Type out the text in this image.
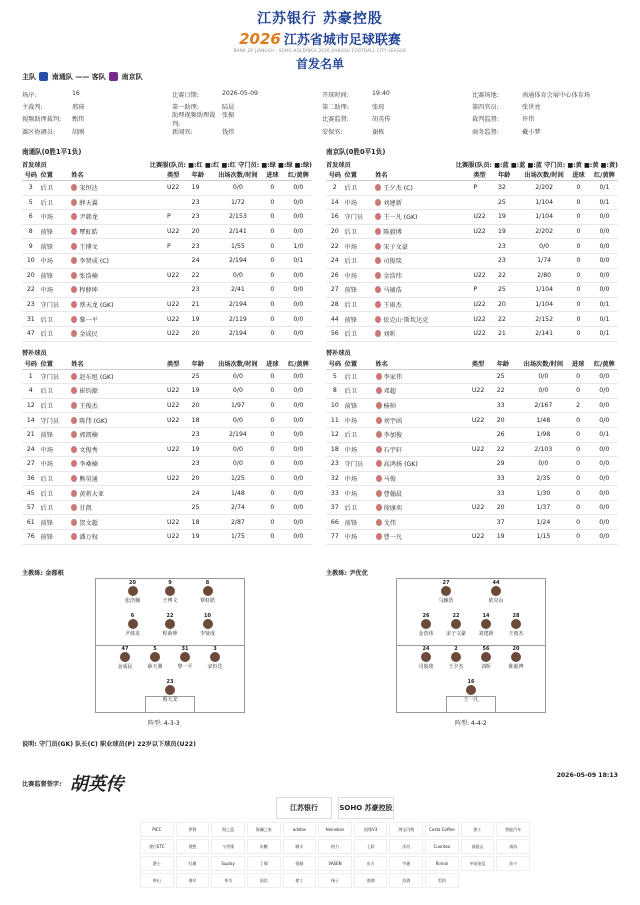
江苏银行 苏豪控股
2026 江苏省城市足球联赛
BANK OF JIANGSU · SOHO HOLDINGS 2026 JIANGSU FOOTBALL CITY LEAGUE
首发名单
主队 南通队 —— 客队 南京队
场序:	16	比赛日期:	2026-05-09	开球时间:	19:40	比赛场地:	南通体育会展中心体育场
主裁判:	邢琦	第一助理:	陆晨	第二助理:	张琼	第四官员:	张世亮
视频助理裁判:	甄伟
助理视频助理裁判:
张振
比赛监督:	胡英传	裁判监督:	许伟
赛区协调员:	胡刚	新闻官:	钱炜	安保官:	谢栋	商务监督:	戴小梦
南通队(0胜1平1负)
首发球员	比赛服(队员: ■:红 ■:红 ■:红 守门员: ■:绿 ■:绿 ■:绿)
号码	位置	姓名	类型	年龄	出场次数/时间	进球	红/黄牌
3	后卫	宋恒达	U22	19	0/0	0	0/0
5	后卫	薛天翼		23	1/72	0	0/0
6	中场	尹韩龙	P	23	2/153	0	0/0
8	前锋	覃虹皓	U22	20	2/141	0	0/0
9	前锋	王博文	P	23	1/55	0	1/0
10	中场	李贤成 (C)		24	2/194	0	0/1
20	前锋	张浩楠	U22	22	0/0	0	0/0
22	中场	程薛坤		23	2/41	0	0/0
23	守门员	蔡天龙 (GK)	U22	21	2/194	0	0/0
31	后卫	黎一平	U22	19	2/119	0	0/0
47	后卫	金成民	U22	20	2/194	0	0/0
替补球员
号码	位置	姓名	类型	年龄	出场次数/时间	进球	红/黄牌
1	守门员	赵东旭 (GK)		25	0/0	0	0/0
4	后卫	崔钧源	U22	19	0/0	0	0/0
12	后卫	王俊杰	U22	20	1/97	0	0/0
14	守门员	陈伟 (GK)	U22	18	0/0	0	0/0
21	前锋	郭凯楠		23	2/194	0	0/0
24	中场	文俊秀	U22	19	0/0	0	0/0
27	中场	李桑楠		23	0/0	0	0/0
36	后卫	熊昊通	U22	20	1/25	0	0/0
45	后卫	黄蒋大亚		24	1/48	0	0/0
57	后卫	甘凯		25	2/74	0	0/0
61	前锋	贺文超	U22	18	2/87	0	0/0
76	前锋	潘万权	U22	19	1/75	0	0/0
南京队(0胜0平1负)
首发球员	比赛服(队员: ■:蓝 ■:蓝 ■:蓝 守门员: ■:黄 ■:黄 ■:黄)
号码	位置	姓名	类型	年龄	出场次数/时间	进球	红/黄牌
2	后卫	王夕杰 (C)	P	32	2/202	0	0/1
14	中场	刘建新		25	1/104	0	0/1
16	守门员	王一凡 (GK)	U22	19	1/104	0	0/0
20	后卫	陈毅博	U22	19	2/202	0	0/0
22	中场	宋子文豪		23	0/0	0	0/0
24	后卫	司俊琰		23	1/74	0	0/0
26	中场	金浩纬	U22	22	2/80	0	0/0
27	前锋	马辅浩	P	25	1/104	0	0/0
28	后卫	王雨杰	U22	20	1/104	0	0/1
44	前锋	依克山·斯坎达克	U22	22	2/152	0	0/1
56	后卫	刘昕	U22	21	2/141	0	0/1
替补球员
号码	位置	姓名	类型	年龄	出场次数/时间	进球	红/黄牌
5	后卫	李家伟		25	0/0	0	0/0
8	后卫	邓超	U22	22	0/0	0	0/0
10	前锋	杨帅		33	2/167	2	0/0
11	中场	刘宇函	U22	20	1/48	0	0/0
12	后卫	李加俊		26	1/98	0	0/1
18	中场	石宇轩	U22	22	2/103	0	0/0
23	守门员	高鸿扬 (GK)		29	0/0	0	0/0
32	中场	马俊		33	2/35	0	0/0
33	中场	曹翰晨		33	1/30	0	0/0
37	后卫	徐康奕	U22	20	1/37	0	0/0
66	前锋	戈伟		37	1/24	0	0/0
77	中场	曹一凡	U22	19	1/15	0	0/0
主教练: 金都根	主教练: 尹优优
20
张浩楠
9
王博文
8
覃虹皓
6
尹韩龙
22
程薛坤
10
李贤成
47
金成民
5
薛天翼
31
黎一平
3
宋恒达
23
蔡天龙
阵型: 4-3-3
27
马辅浩
44
依克山
26
金浩纬
22
宋子文豪
14
刘建新
28
王雨杰
24
司俊琰
2
王夕杰
56
刘昕
20
陈毅博
16
王一凡
阵型: 4-4-2
说明: 守门员(GK) 队长(C) 职业球员(P) 22岁以下球员(U22)
比赛监督签字: 胡英传	2026-05-09 18:13
江苏银行	SOHO 苏豪控股
PICC	伊利	海之蓝	海澜之家	adidas	Heineken	国缘V3	淘宝闪购	Costa Coffee	徐工	智能汽车
建行ETC	理想	今世缘	东鹏	顺丰	格力	七彩	洋河	Cuontoo	洞庭山	汤沟
爵士	红旗	Suplay	丁蜀	恒顺	VASEN	东方	宇通	Rinnai	中国电信	苏宁
钟山	海尔	华为	国信	徐工	扬子	南钢	苏酒	美的
